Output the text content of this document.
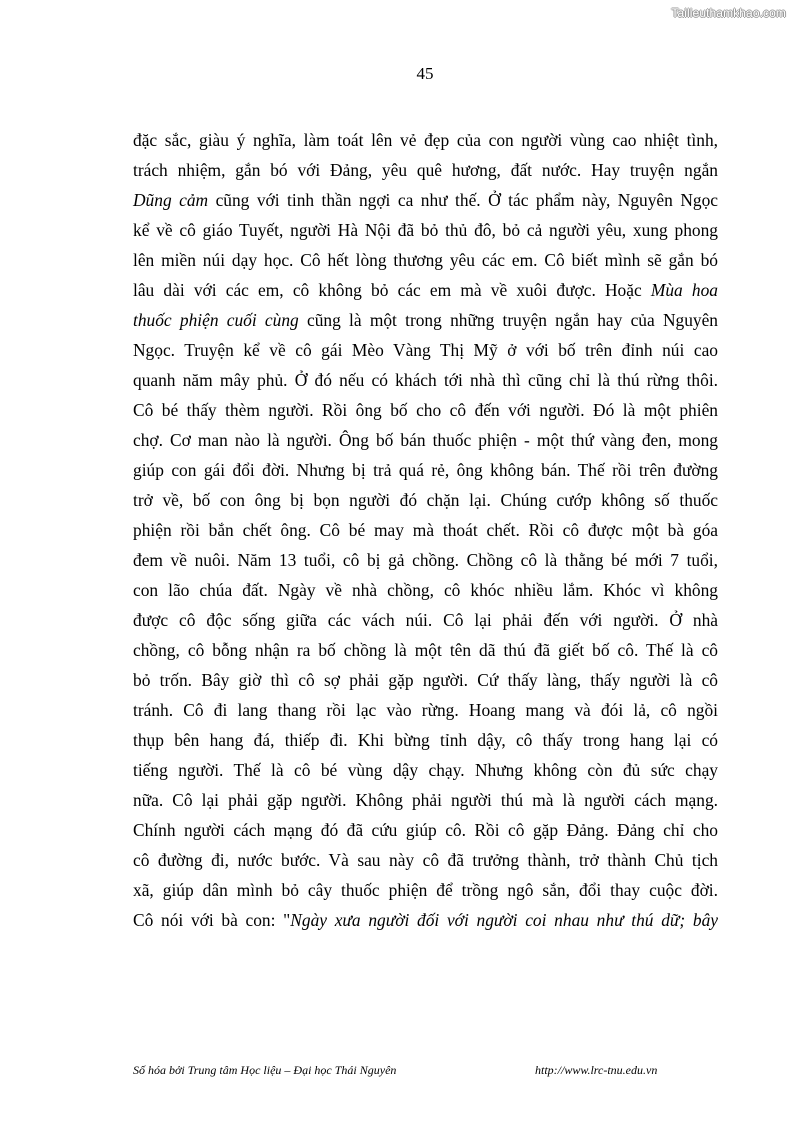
Tailieuthamkhao.com
45
đặc sắc, giàu ý nghĩa, làm toát lên vẻ đẹp của con người vùng cao nhiệt tình,
trách nhiệm, gắn bó với Đảng, yêu quê hương, đất nước. Hay truyện ngắn
Dũng cảm cũng với tinh thần ngợi ca như thế. Ở tác phẩm này, Nguyên Ngọc
kể về cô giáo Tuyết, người Hà Nội đã bỏ thủ đô, bỏ cả người yêu, xung phong
lên miền núi dạy học. Cô hết lòng thương yêu các em. Cô biết mình sẽ gắn bó
lâu dài với các em, cô không bỏ các em mà về xuôi được. Hoặc Mùa hoa
thuốc phiện cuối cùng cũng là một trong những truyện ngắn hay của Nguyên
Ngọc. Truyện kể về cô gái Mèo Vàng Thị Mỹ ở với bố trên đỉnh núi cao
quanh năm mây phủ. Ở đó nếu có khách tới nhà thì cũng chỉ là thú rừng thôi.
Cô bé thấy thèm người. Rồi ông bố cho cô đến với người. Đó là một phiên
chợ. Cơ man nào là người. Ông bố bán thuốc phiện - một thứ vàng đen, mong
giúp con gái đổi đời. Nhưng bị trả quá rẻ, ông không bán. Thế rồi trên đường
trở về, bố con ông bị bọn người đó chặn lại. Chúng cướp không số thuốc
phiện rồi bắn chết ông. Cô bé may mà thoát chết. Rồi cô được một bà góa
đem về nuôi. Năm 13 tuổi, cô bị gả chồng. Chồng cô là thằng bé mới 7 tuổi,
con lão chúa đất. Ngày về nhà chồng, cô khóc nhiều lắm. Khóc vì không
được cô độc sống giữa các vách núi. Cô lại phải đến với người. Ở nhà
chồng, cô bỗng nhận ra bố chồng là một tên dã thú đã giết bố cô. Thế là cô
bỏ trốn. Bây giờ thì cô sợ phải gặp người. Cứ thấy làng, thấy người là cô
tránh. Cô đi lang thang rồi lạc vào rừng. Hoang mang và đói lả, cô ngồi
thụp bên hang đá, thiếp đi. Khi bừng tỉnh dậy, cô thấy trong hang lại có
tiếng người. Thế là cô bé vùng dậy chạy. Nhưng không còn đủ sức chạy
nữa. Cô lại phải gặp người. Không phải người thú mà là người cách mạng.
Chính người cách mạng đó đã cứu giúp cô. Rồi cô gặp Đảng. Đảng chỉ cho
cô đường đi, nước bước. Và sau này cô đã trưởng thành, trở thành Chủ tịch
xã, giúp dân mình bỏ cây thuốc phiện để trồng ngô sắn, đổi thay cuộc đời.
Cô nói với bà con: "Ngày xưa người đối với người coi nhau như thú dữ; bây
Số hóa bởi Trung tâm Học liệu – Đại học Thái Nguyên	http://www.lrc-tnu.edu.vn
